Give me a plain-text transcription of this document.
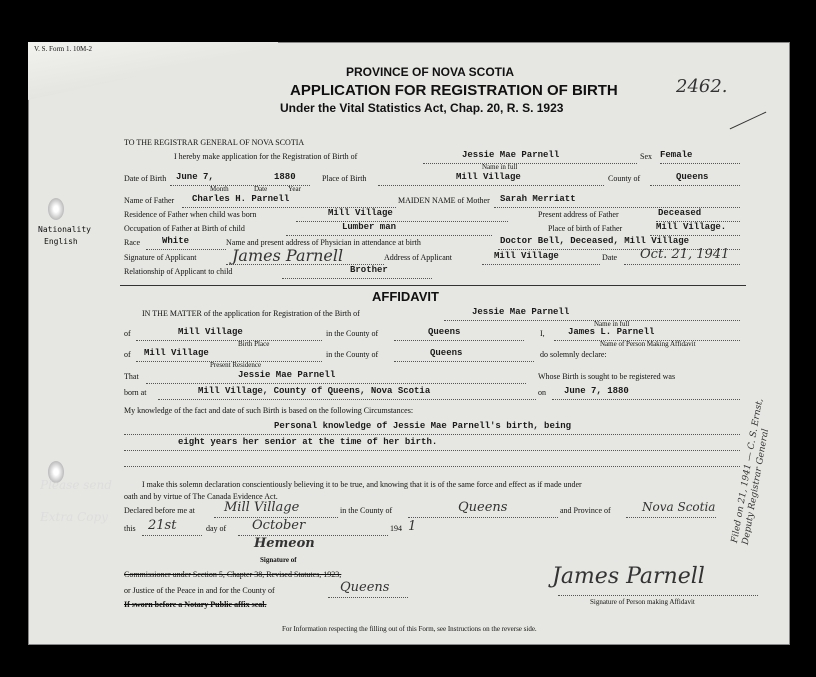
V. S. Form 1. 10M-2
PROVINCE OF NOVA SCOTIA
APPLICATION FOR REGISTRATION OF BIRTH
Under the Vital Statistics Act, Chap. 20, R. S. 1923
2462.
TO THE REGISTRAR GENERAL OF NOVA SCOTIA
I hereby make application for the Registration of Birth of	Jessie Mae Parnell
Name in full
Sex Female
Date of Birth June 7,	1880
Month	Date	Year
Place of Birth	Mill Village	County of	Queens
Name of Father Charles H. Parnell	MAIDEN NAME of Mother Sarah Merriatt
Residence of Father when child was born	Mill Village	Present address of Father	Deceased
Occupation of Father at Birth of child	Lumber man	Place of birth of Father	Mill Village.
Race White	Name and present address of Physician in attendance at birth	Doctor Bell, Deceased, Mill Village
Signature of Applicant James Parnell	Address of Applicant	Mill Village	Date Oct. 21, 1941
Relationship of Applicant to child	Brother
Nationality
English
AFFIDAVIT
IN THE MATTER of the application for Registration of the Birth of	Jessie Mae Parnell
Name in full
of	Mill Village
Birth Place
in the County of	Queens	I,	James L. Parnell
Name of Person Making Affidavit
of Mill Village
Present Residence
in the County of	Queens	do solemnly declare:
That	Jessie Mae Parnell	Whose Birth is sought to be registered was
born at	Mill Village, County of Queens, Nova Scotia	on June 7, 1880
My knowledge of the fact and date of such Birth is based on the following Circumstances:
Personal knowledge of Jessie Mae Parnell's birth, being
eight years her senior at the time of her birth.
I make this solemn declaration conscientiously believing it to be true, and knowing that it is of the same force and effect as if made under
oath and by virtue of The Canada Evidence Act.
Declared before me at Mill Village	in the County of	Queens	and Province of	Nova Scotia
this 21st	day of October	194 1
Hemeon
Signature of
Commissioner under Section 5, Chapter 38, Revised Statutes, 1923,
or Justice of the Peace in and for the County of	Queens
If sworn before a Notary Public affix seal.
James Parnell
Signature of Person making Affidavit
For Information respecting the filling out of this Form, see Instructions on the reverse side.
Filed on 21, 1941 — C. S. Ernst, Deputy Registrar General
Please send
Extra Copy
